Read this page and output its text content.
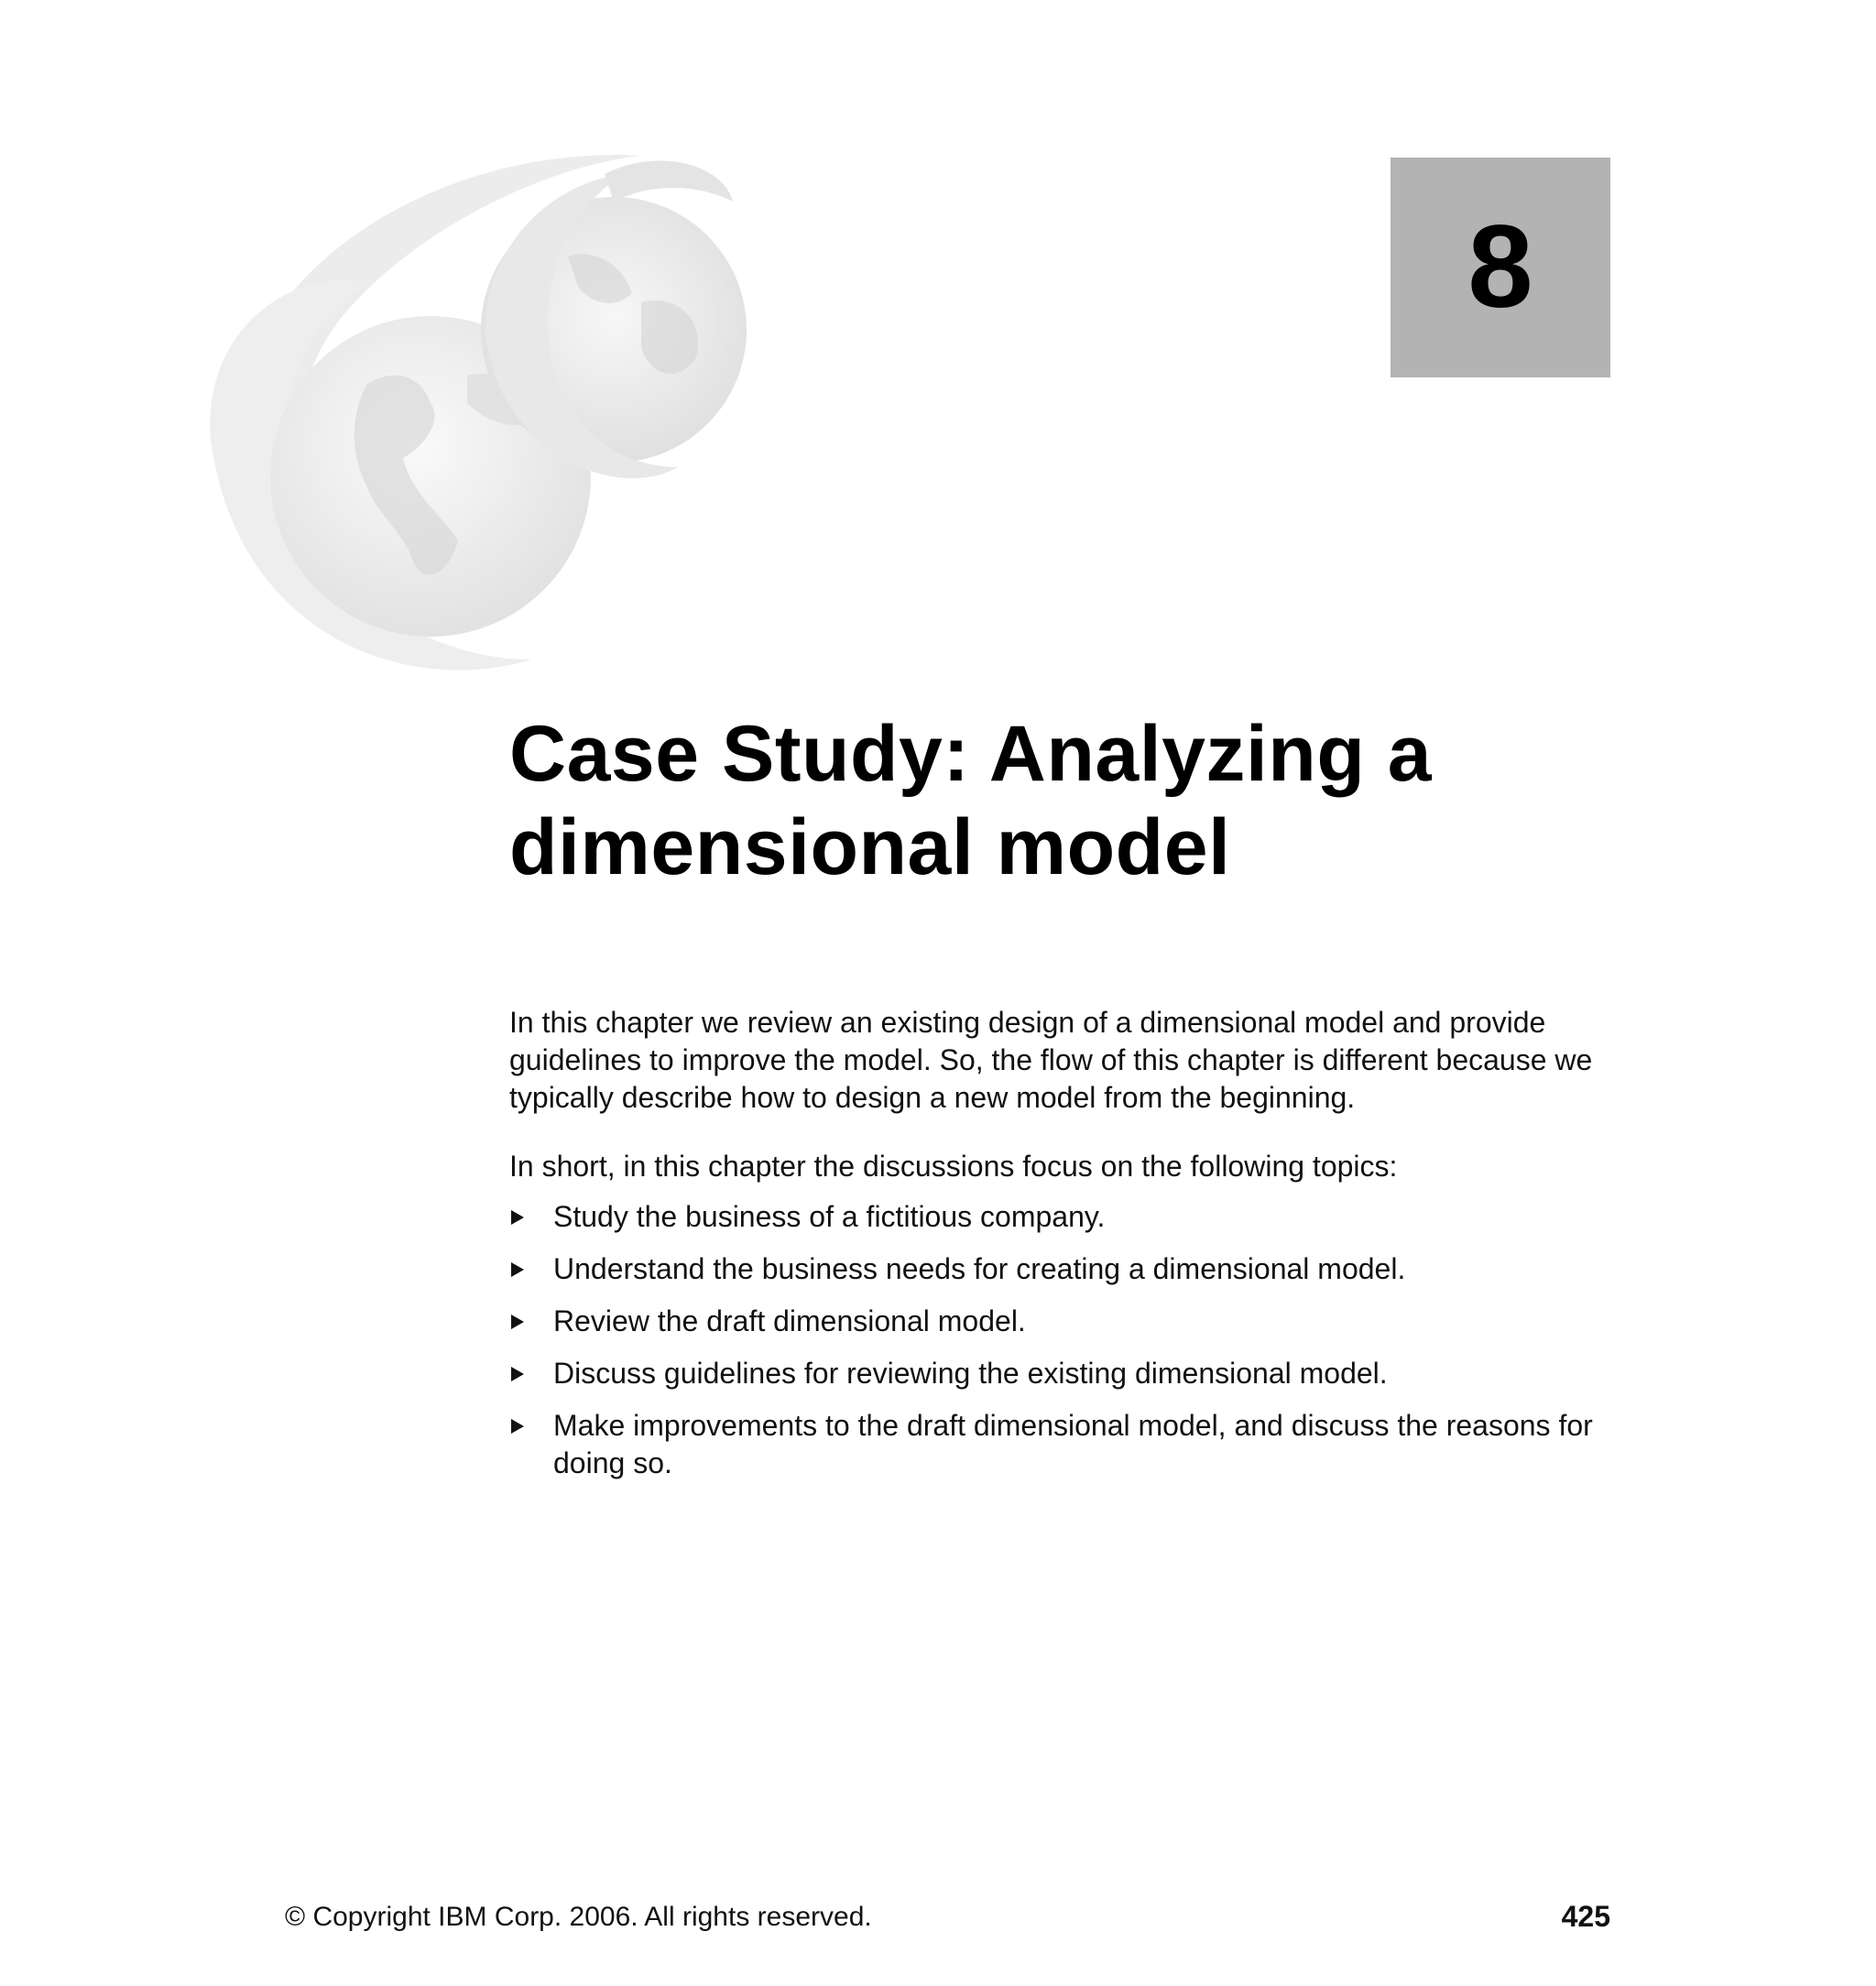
8
Case Study: Analyzing a
dimensional model

In this chapter we review an existing design of a dimensional model and provide guidelines to improve the model. So, the flow of this chapter is different because we typically describe how to design a new model from the beginning.

In short, in this chapter the discussions focus on the following topics:

Study the business of a fictitious company.
Understand the business needs for creating a dimensional model.
Review the draft dimensional model.
Discuss guidelines for reviewing the existing dimensional model.
Make improvements to the draft dimensional model, and discuss the reasons for doing so.
© Copyright IBM Corp. 2006. All rights reserved.	425
